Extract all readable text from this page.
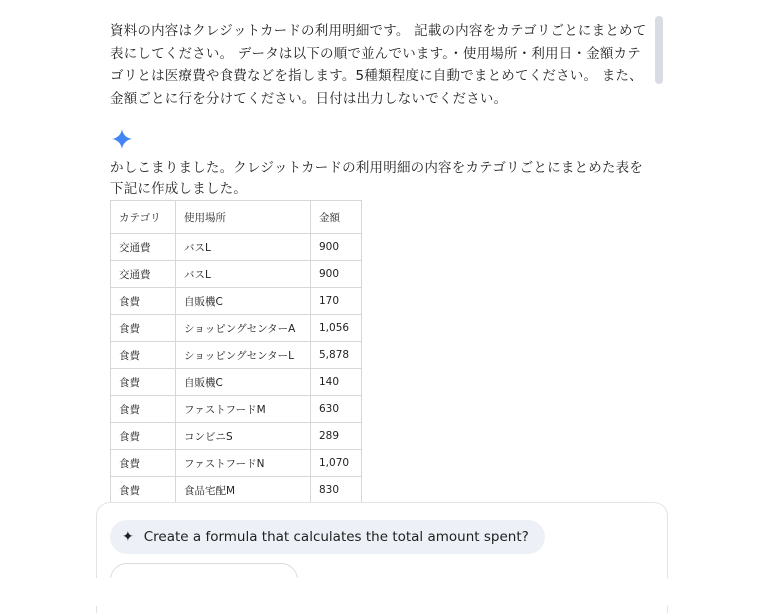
資料の内容はクレジットカードの利用明細です。 記載の内容をカテゴリごとにまとめて表にしてください。 データは以下の順で並んでいます。・使用場所・利用日・金額カテゴリとは医療費や食費などを指します。5種類程度に自動でまとめてください。 また、金額ごとに行を分けてください。日付は出力しないでください。
かしこまりました。クレジットカードの利用明細の内容をカテゴリごとにまとめた表を下記に作成しました。
カテゴリ	使用場所	金額
交通費	バスL	900
交通費	バスL	900
食費	自販機C	170
食費	ショッピングセンターA	1,056
食費	ショッピングセンターL	5,878
食費	自販機C	140
食費	ファストフードM	630
食費	コンビニS	289
食費	ファストフードN	1,070
食費	食品宅配M	830
✦ Create a formula that calculates the total amount spent?
